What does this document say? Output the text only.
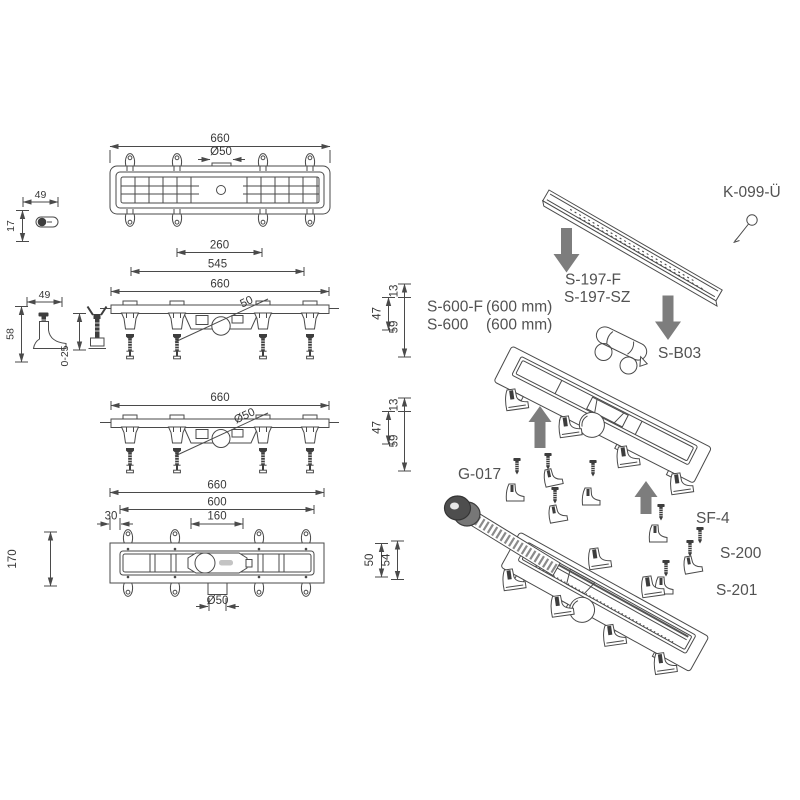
660
Ø50
49
17
260
545
660
50
47
13
59
49
58
0-25
660
Ø50
47
13
59
660
600
30	160
Ø50
170	50 54
K-099-Ü
S-197-F
S-197-SZ
S-600-F (600 mm)
S-600 (600 mm)
S-B03
G-017
SF-4
S-200
S-201
